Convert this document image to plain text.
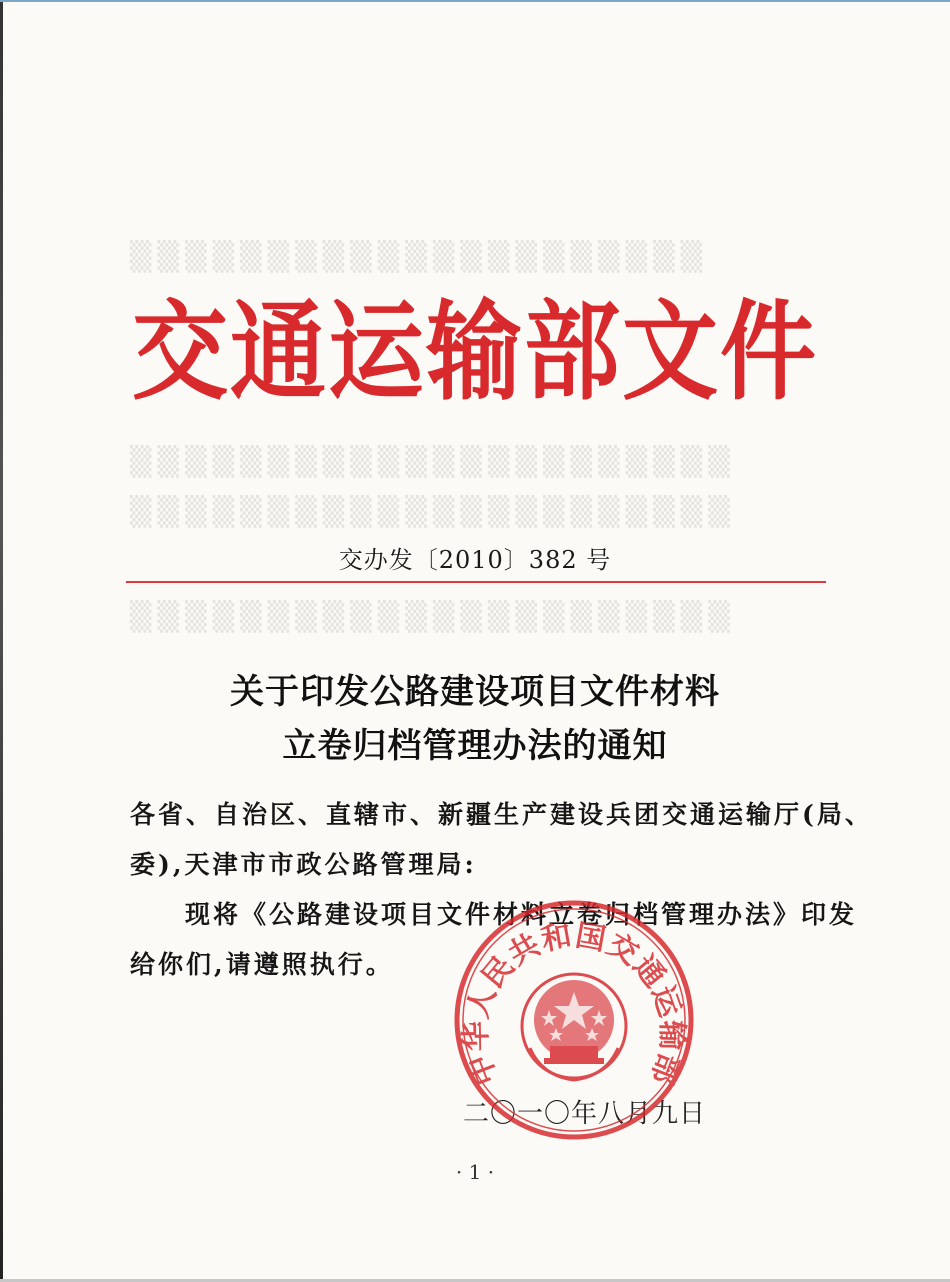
▒▒▒▒▒▒▒▒▒▒▒▒▒▒▒▒▒▒▒▒▒
▒▒▒▒▒▒▒▒▒▒▒▒▒▒▒▒▒▒▒▒▒▒
▒▒▒▒▒▒▒▒▒▒▒▒▒▒▒▒▒▒▒▒▒▒
▒▒▒▒▒▒▒▒▒▒▒▒▒▒▒▒▒▒▒▒▒▒
交通运输部文件
交办发〔2010〕382 号
关于印发公路建设项目文件材料
立卷归档管理办法的通知
各省、自治区、直辖市、新疆生产建设兵团交通运输厅(局、
委),天津市市政公路管理局:
现将《公路建设项目文件材料立卷归档管理办法》印发
给你们,请遵照执行。
二〇一〇年八月九日
中华人民共和国交通运输部
· 1 ·
